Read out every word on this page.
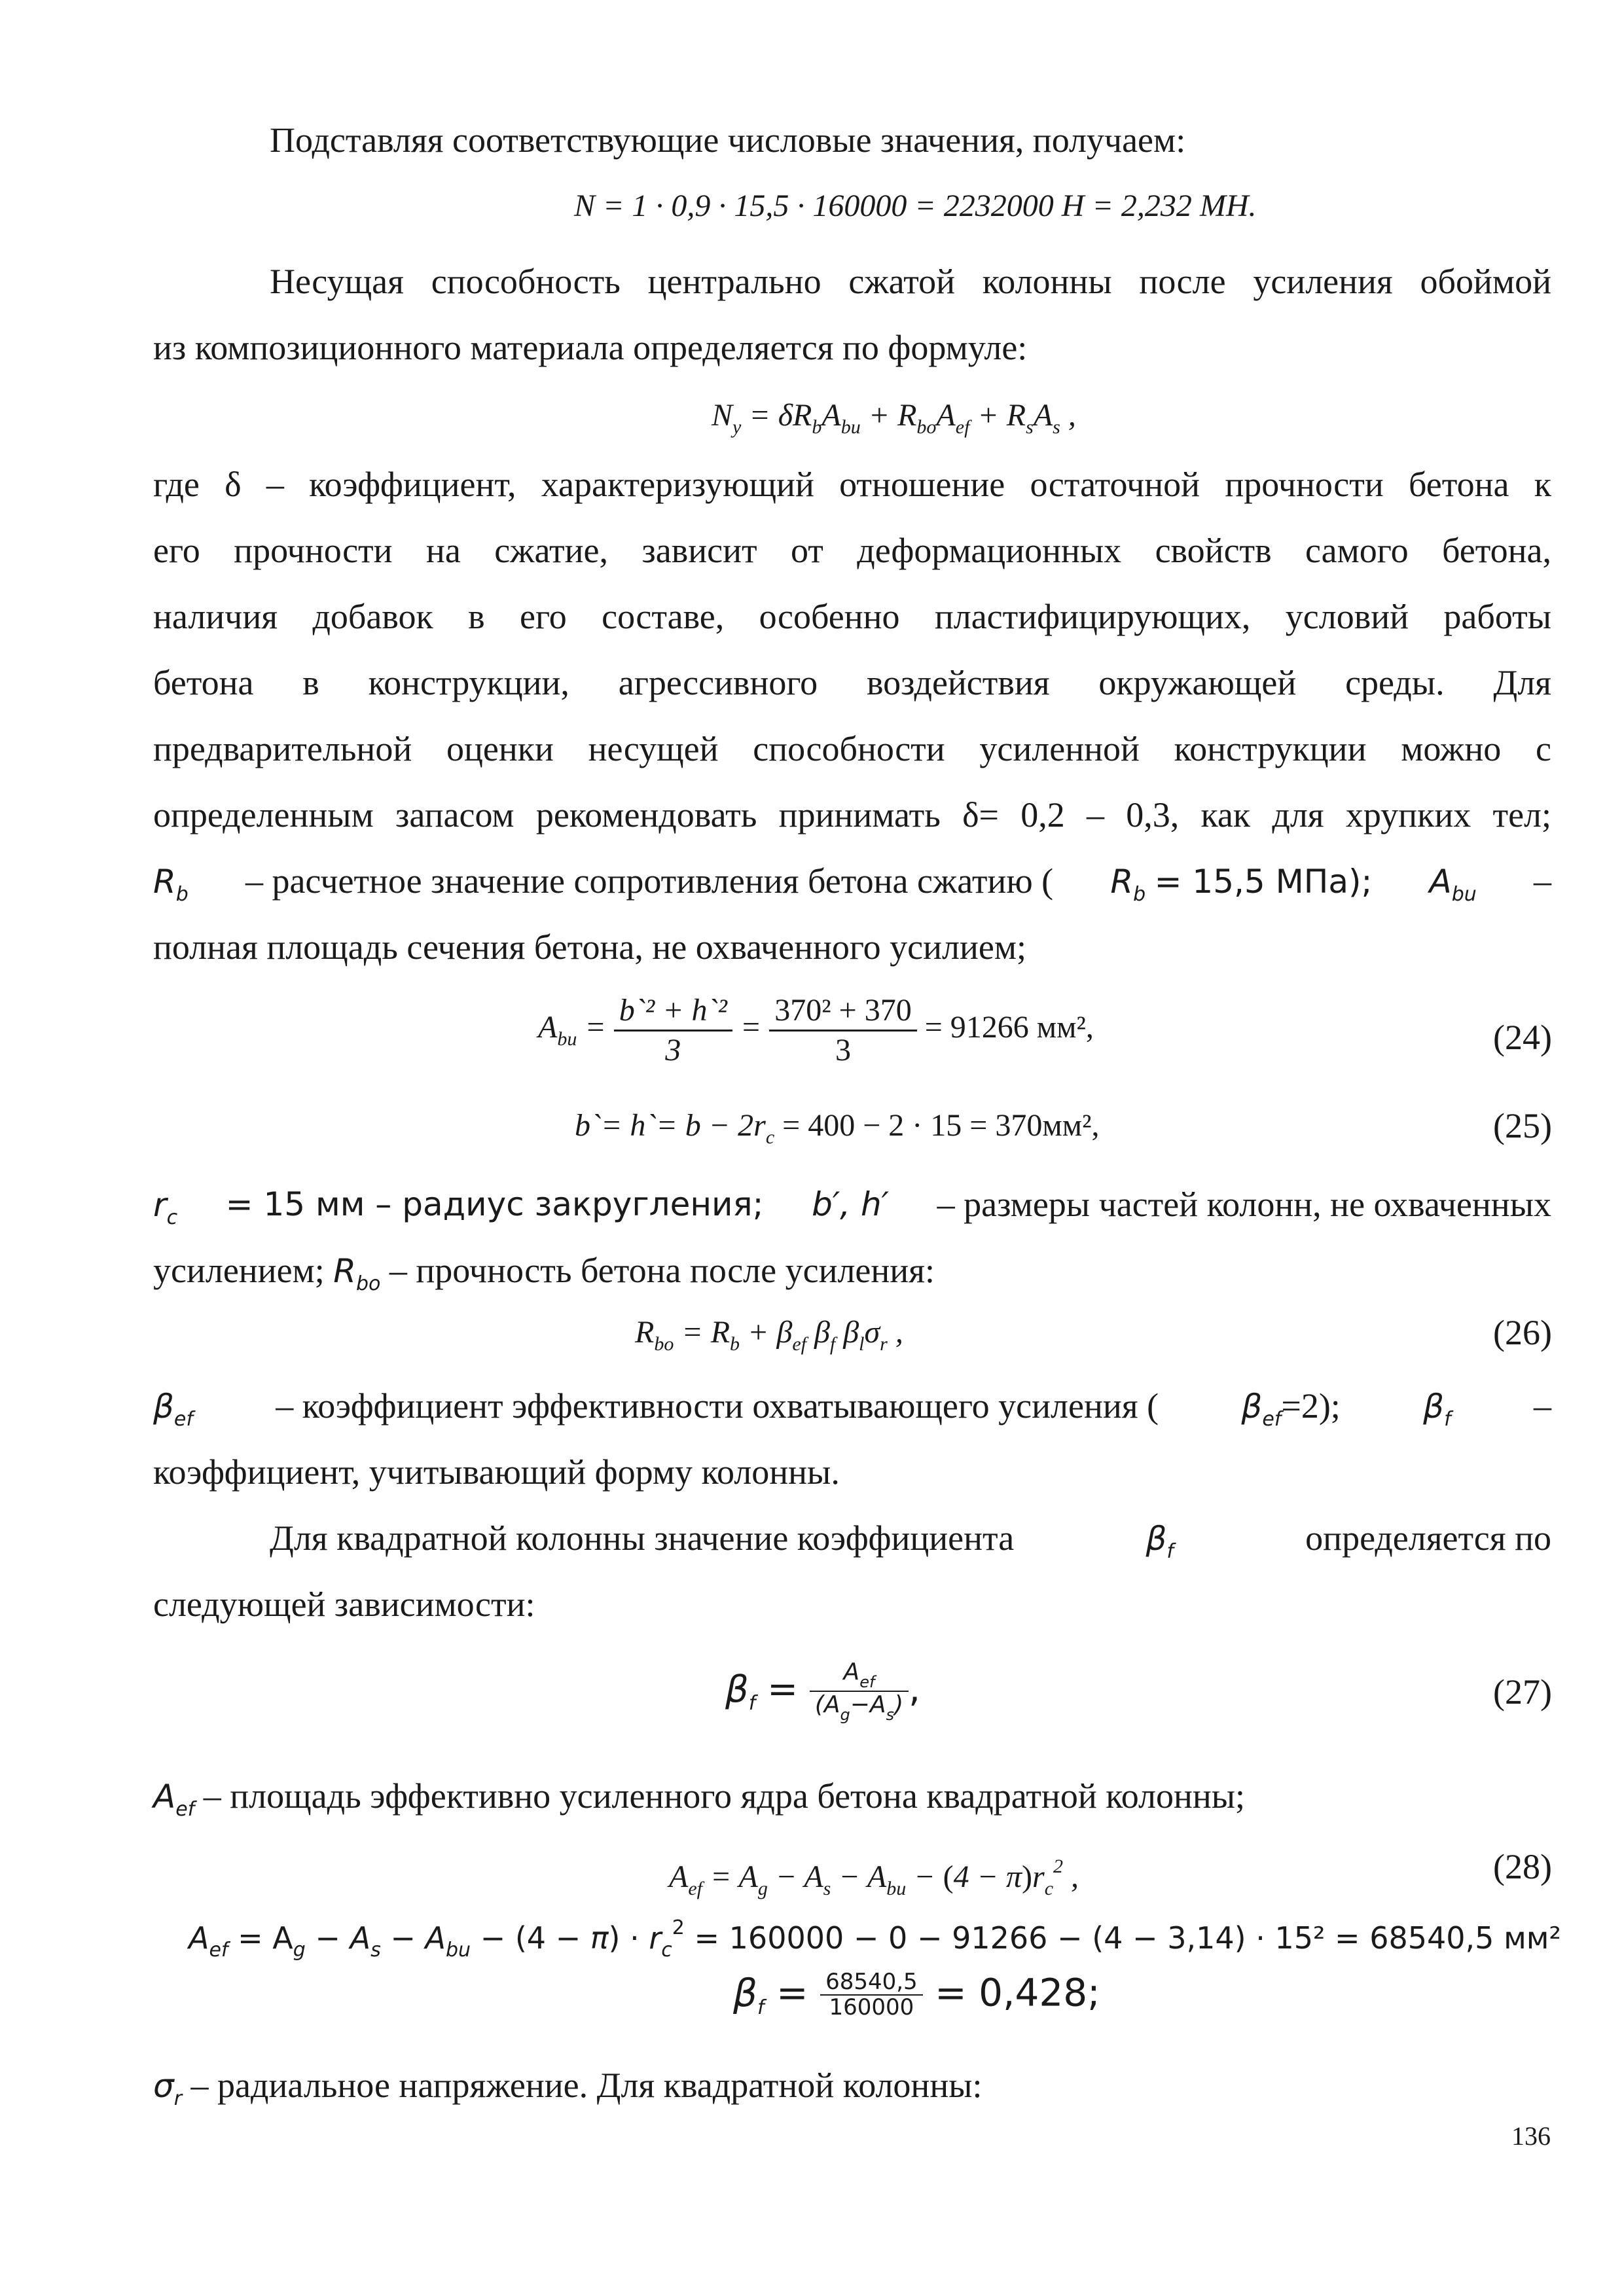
Подставляя соответствующие числовые значения, получаем:
N = 1 · 0,9 · 15,5 · 160000 = 2232000 Н = 2,232 МН.
Несущая способность центрально сжатой колонны после усиления обоймой
из композиционного материала определяется по формуле:
$N_y = \delta R_bA_{bu} + R_{bo}A_{ef} + R_sA_s$ ,
где δ – коэффициент, характеризующий отношение остаточной прочности бетона к
его прочности на сжатие, зависит от деформационных свойств самого бетона,
наличия добавок в его составе, особенно пластифицирующих, условий работы
бетона в конструкции, агрессивного воздействия окружающей среды. Для
предварительной оценки несущей способности усиленной конструкции можно с
определенным запасом рекомендовать принимать δ= 0,2 – 0,3, как для хрупких тел;
$R_b$ – расчетное значение сопротивления бетона сжатию ( $R_b = 15,5$ МПа); $A_{bu}$ –
полная площадь сечения бетона, не охваченного усилием;
$A_{bu} = \frac{\text{b`² + h`²}}{3} = \frac{\text{370² + 370}}{3} = 91266$ мм²,	(24)
b`= h`= $b - 2r_c = 400 - 2 \cdot 15 = 370мм^2$,	(25)
$r_c = 15$ мм – радиус закругления; b′, h′ – размеры частей колонн, не охваченных
усилением; $R_{bo}$ – прочность бетона после усиления:
$R_{bo} = R_b + \beta_{ef}$ $\beta_f$ $\beta_l\sigma_r$ ,	(26)
$\beta_{ef}$ – коэффициент эффективности охватывающего усиления (	$\beta_{ef}=2$);	$\beta_f$ –
коэффициент, учитывающий форму колонны.
Для квадратной колонны значение коэффициента	$\beta_f$	определяется по
следующей зависимости:
$\beta_f = \frac{A_{ef}}{(A_g-A_s)}$ ,	(27)
$A_{ef}$ – площадь эффективно усиленного ядра бетона квадратной колонны;
$A_{ef} = A_g - A_s - A_{bu} - (4 - \pi)r_c^2$ ,	(28)
$A_{ef} = A_g - A_s - A_{bu} - (4 - \pi) \cdot r_c^2 = 160000 - 0 - 91266 - (4 - 3,14) \cdot 15^2 = 68540,5$ мм²
$\beta_f = \frac{68540,5}{160000} = 0,428$;
$\sigma_r$ – радиальное напряжение. Для квадратной колонны:
136
